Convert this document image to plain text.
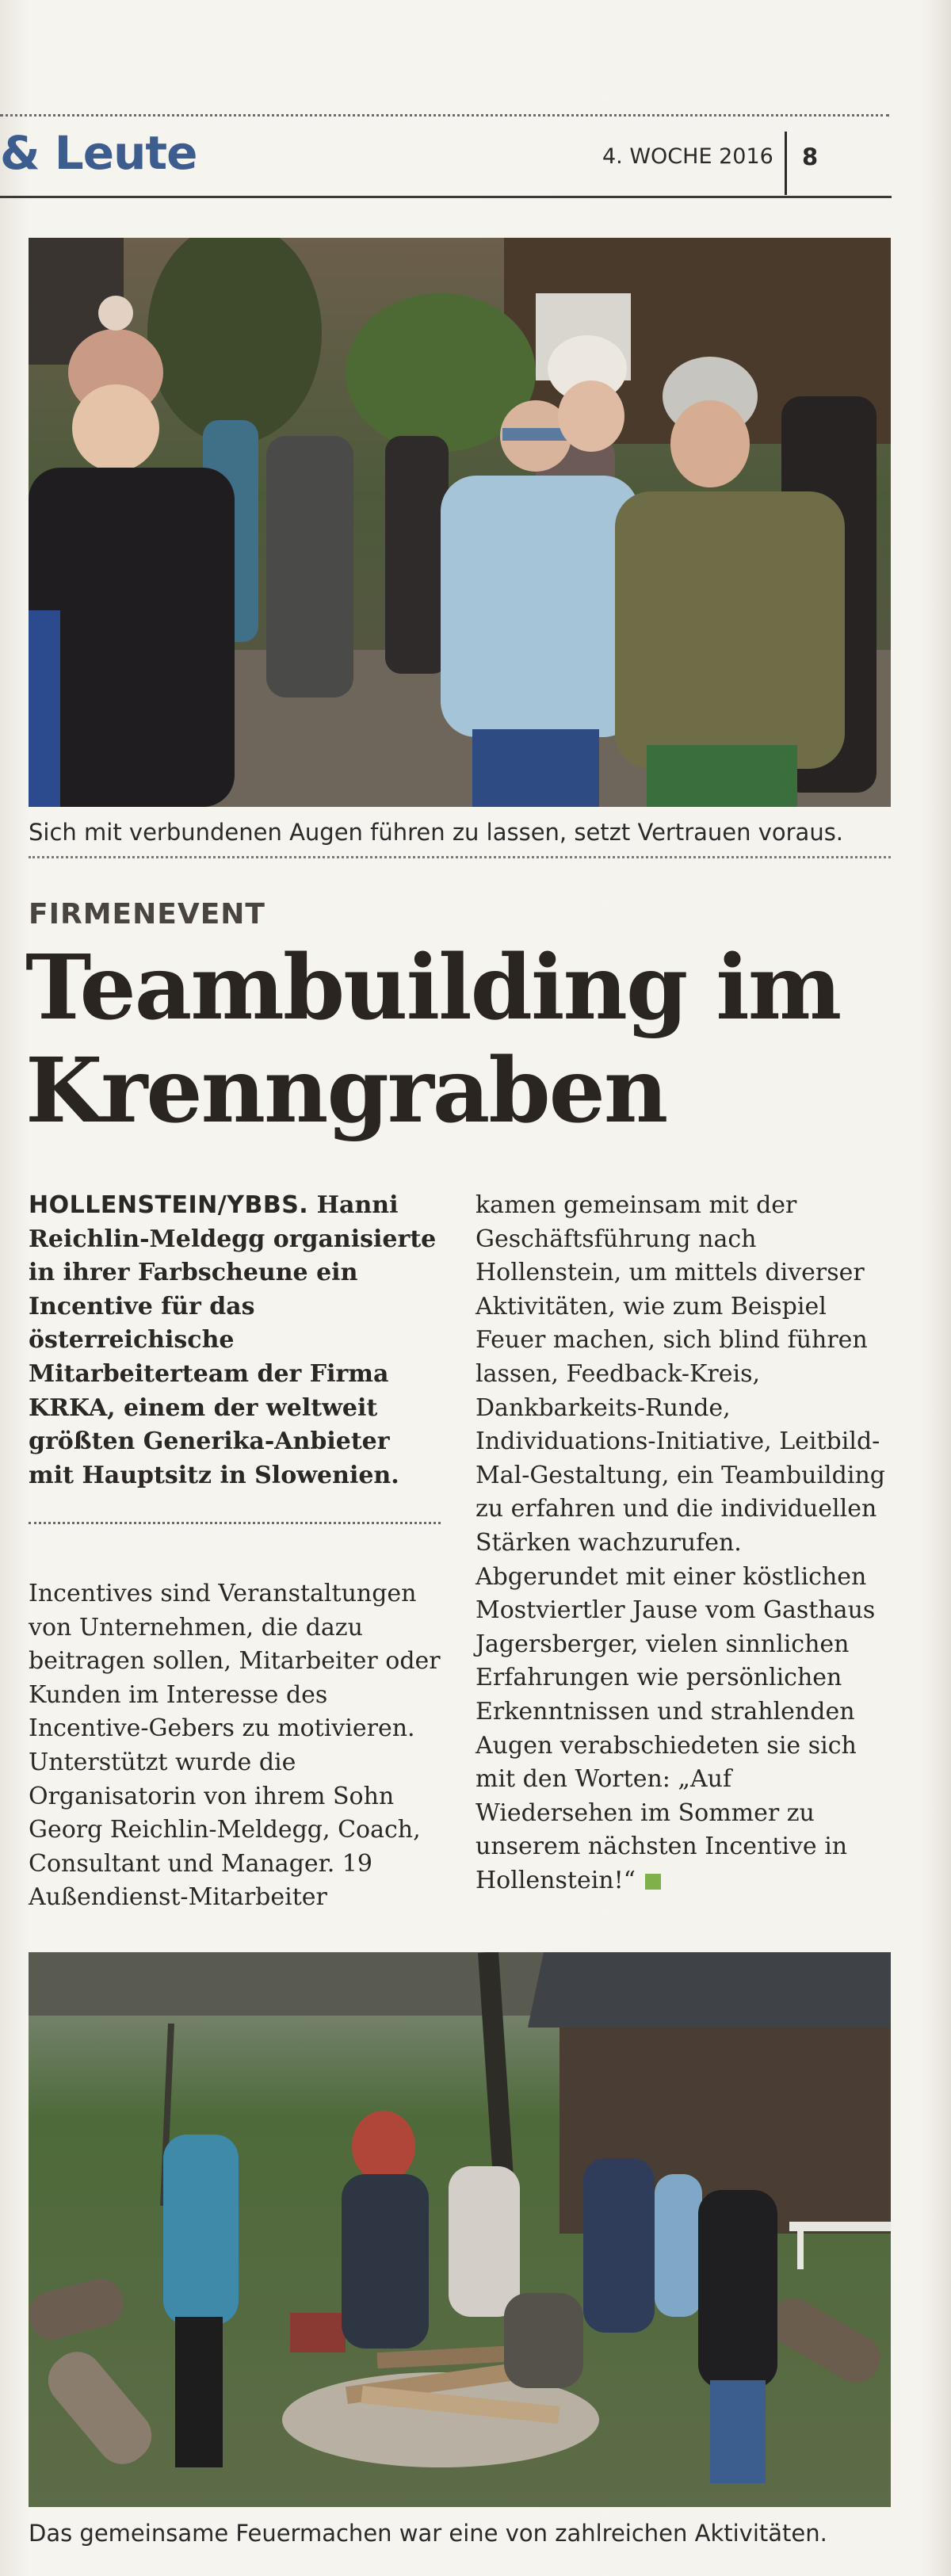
& Leute	4. WOCHE 2016 8
Sich mit verbundenen Augen führen zu lassen, setzt Vertrauen voraus.
FIRMENEVENT
Teambuilding im
Krenngraben

HOLLENSTEIN/YBBS. Hanni Reichlin-Meldegg organisierte in ihrer Farbscheune ein Incentive für das österreichische Mitarbeiterteam der Firma KRKA, einem der weltweit größten Generika-Anbieter mit Hauptsitz in Slowenien.

Incentives sind Veranstaltungen von Unternehmen, die dazu beitragen sollen, Mitarbeiter oder Kunden im Interesse des Incentive-Gebers zu motivieren. Unterstützt wurde die Organisatorin von ihrem Sohn Georg Reichlin-Meldegg, Coach, Consultant und Manager. 19 Außendienst-Mitarbeiter

kamen gemeinsam mit der Geschäftsführung nach Hollenstein, um mittels diverser Aktivitäten, wie zum Beispiel Feuer machen, sich blind führen lassen, Feedback-Kreis, Dankbarkeits-Runde, Individuations-Initiative, Leitbild-Mal-Gestaltung, ein Teambuilding zu erfahren und die individuellen Stärken wachzurufen. Abgerundet mit einer köstlichen Mostviertler Jause vom Gasthaus Jagersberger, vielen sinnlichen Erfahrungen wie persönlichen Erkenntnissen und strahlenden Augen verabschiedeten sie sich mit den Worten: „Auf Wiedersehen im Sommer zu unserem nächsten Incentive in Hollenstein!“

Das gemeinsame Feuermachen war eine von zahlreichen Aktivitäten.
